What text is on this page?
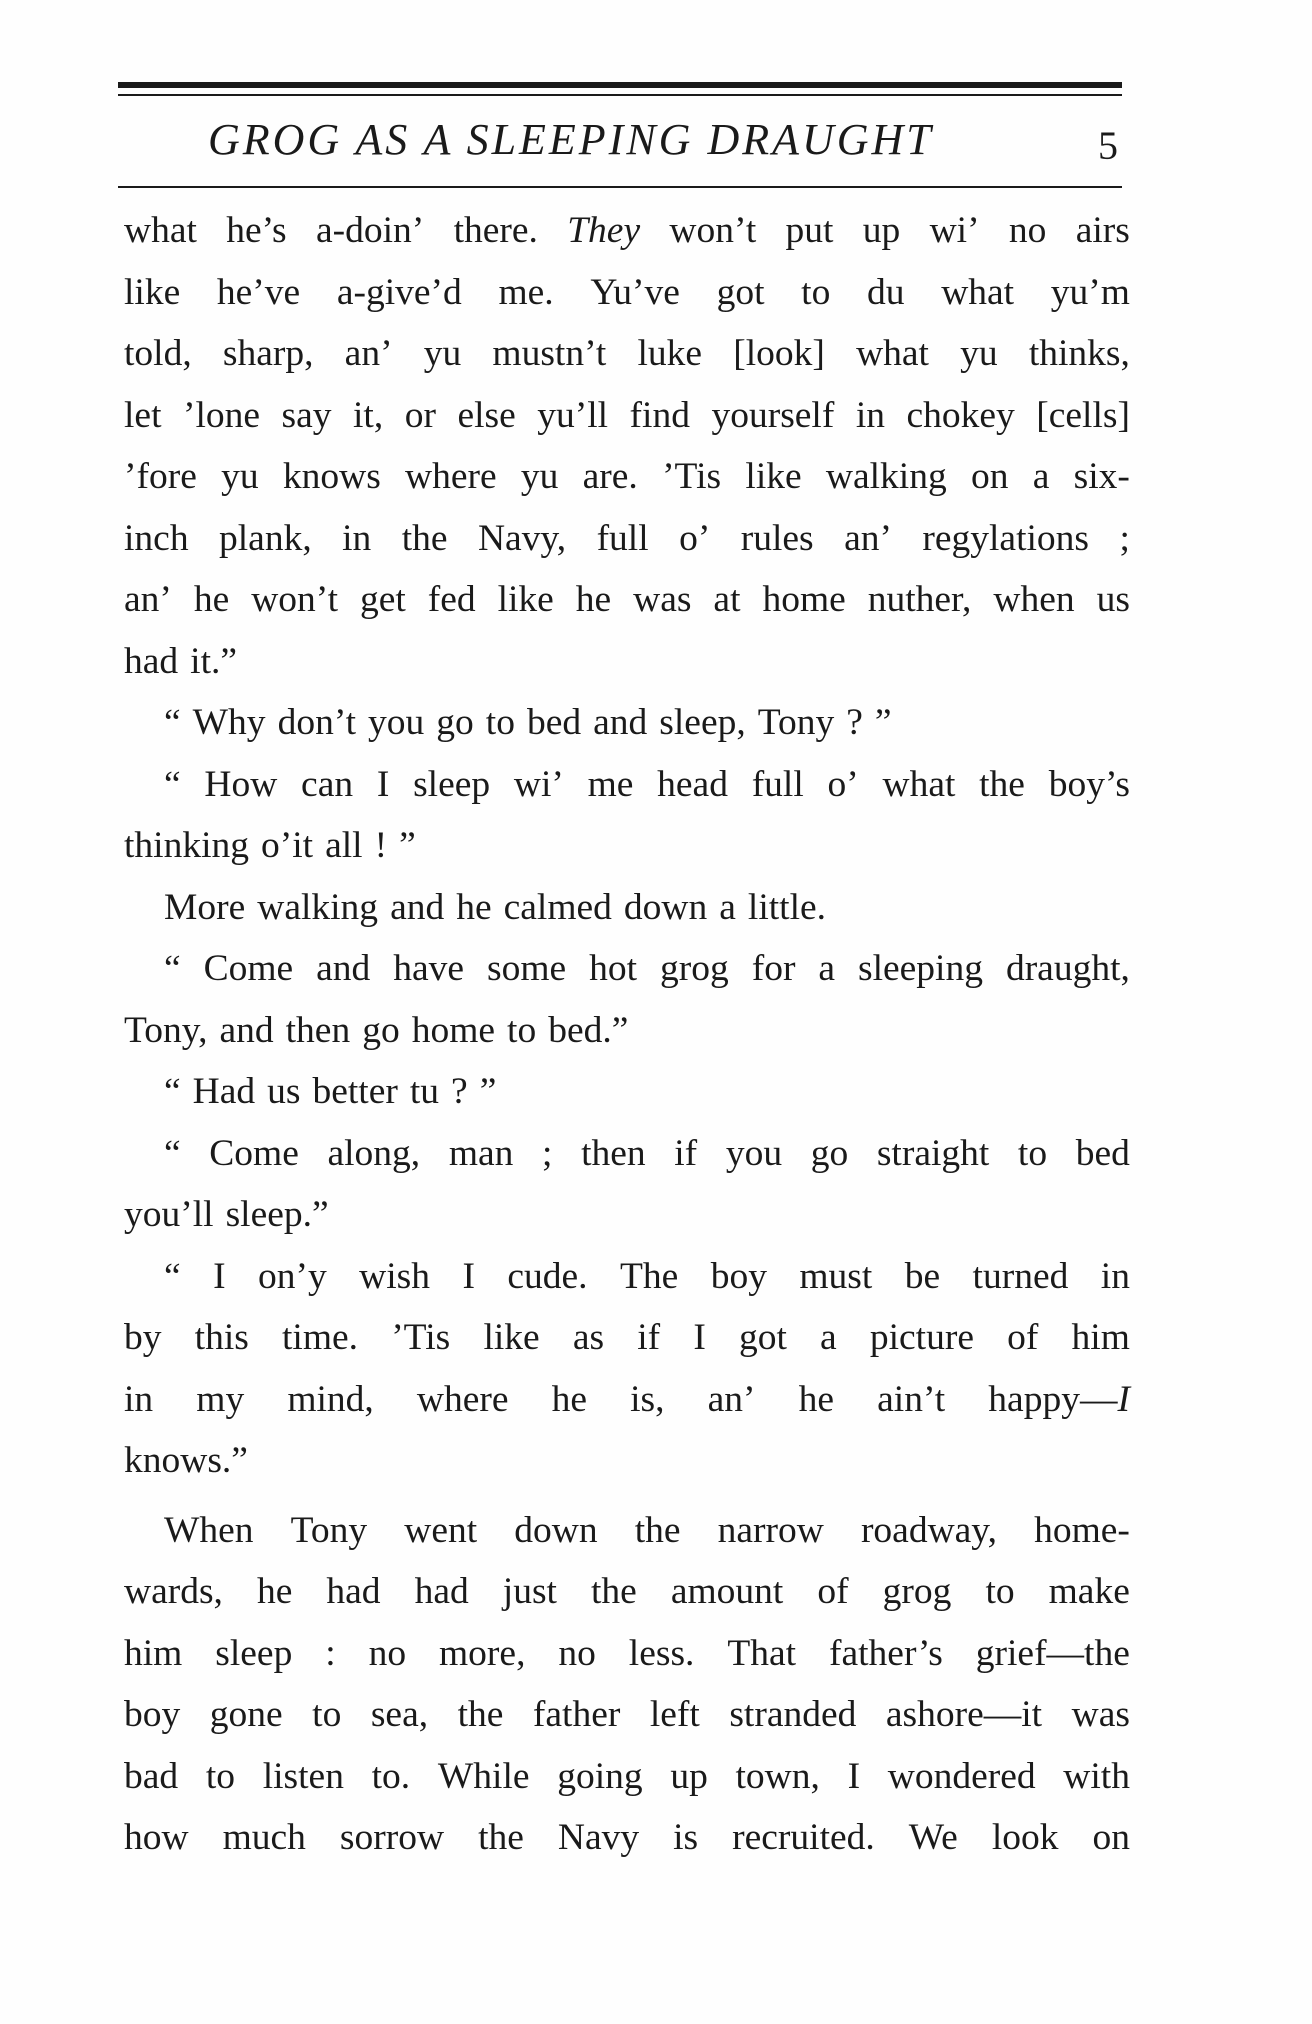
GROG AS A SLEEPING DRAUGHT	5
what he’s a-doin’ there. They won’t put up wi’ no airs
like he’ve a-give’d me. Yu’ve got to du what yu’m
told, sharp, an’ yu mustn’t luke [look] what yu thinks,
let ’lone say it, or else yu’ll find yourself in chokey [cells]
’fore yu knows where yu are. ’Tis like walking on a six-
inch plank, in the Navy, full o’ rules an’ regylations ;
an’ he won’t get fed like he was at home nuther, when us
had it.”
“ Why don’t you go to bed and sleep, Tony ? ”
“ How can I sleep wi’ me head full o’ what the boy’s
thinking o’it all ! ”
More walking and he calmed down a little.
“ Come and have some hot grog for a sleeping draught,
Tony, and then go home to bed.”
“ Had us better tu ? ”
“ Come along, man ; then if you go straight to bed
you’ll sleep.”
“ I on’y wish I cude. The boy must be turned in
by this time. ’Tis like as if I got a picture of him
in my mind, where he is, an’ he ain’t happy—I
knows.”
When Tony went down the narrow roadway, home-
wards, he had had just the amount of grog to make
him sleep : no more, no less. That father’s grief—the
boy gone to sea, the father left stranded ashore—it was
bad to listen to. While going up town, I wondered with
how much sorrow the Navy is recruited. We look on
